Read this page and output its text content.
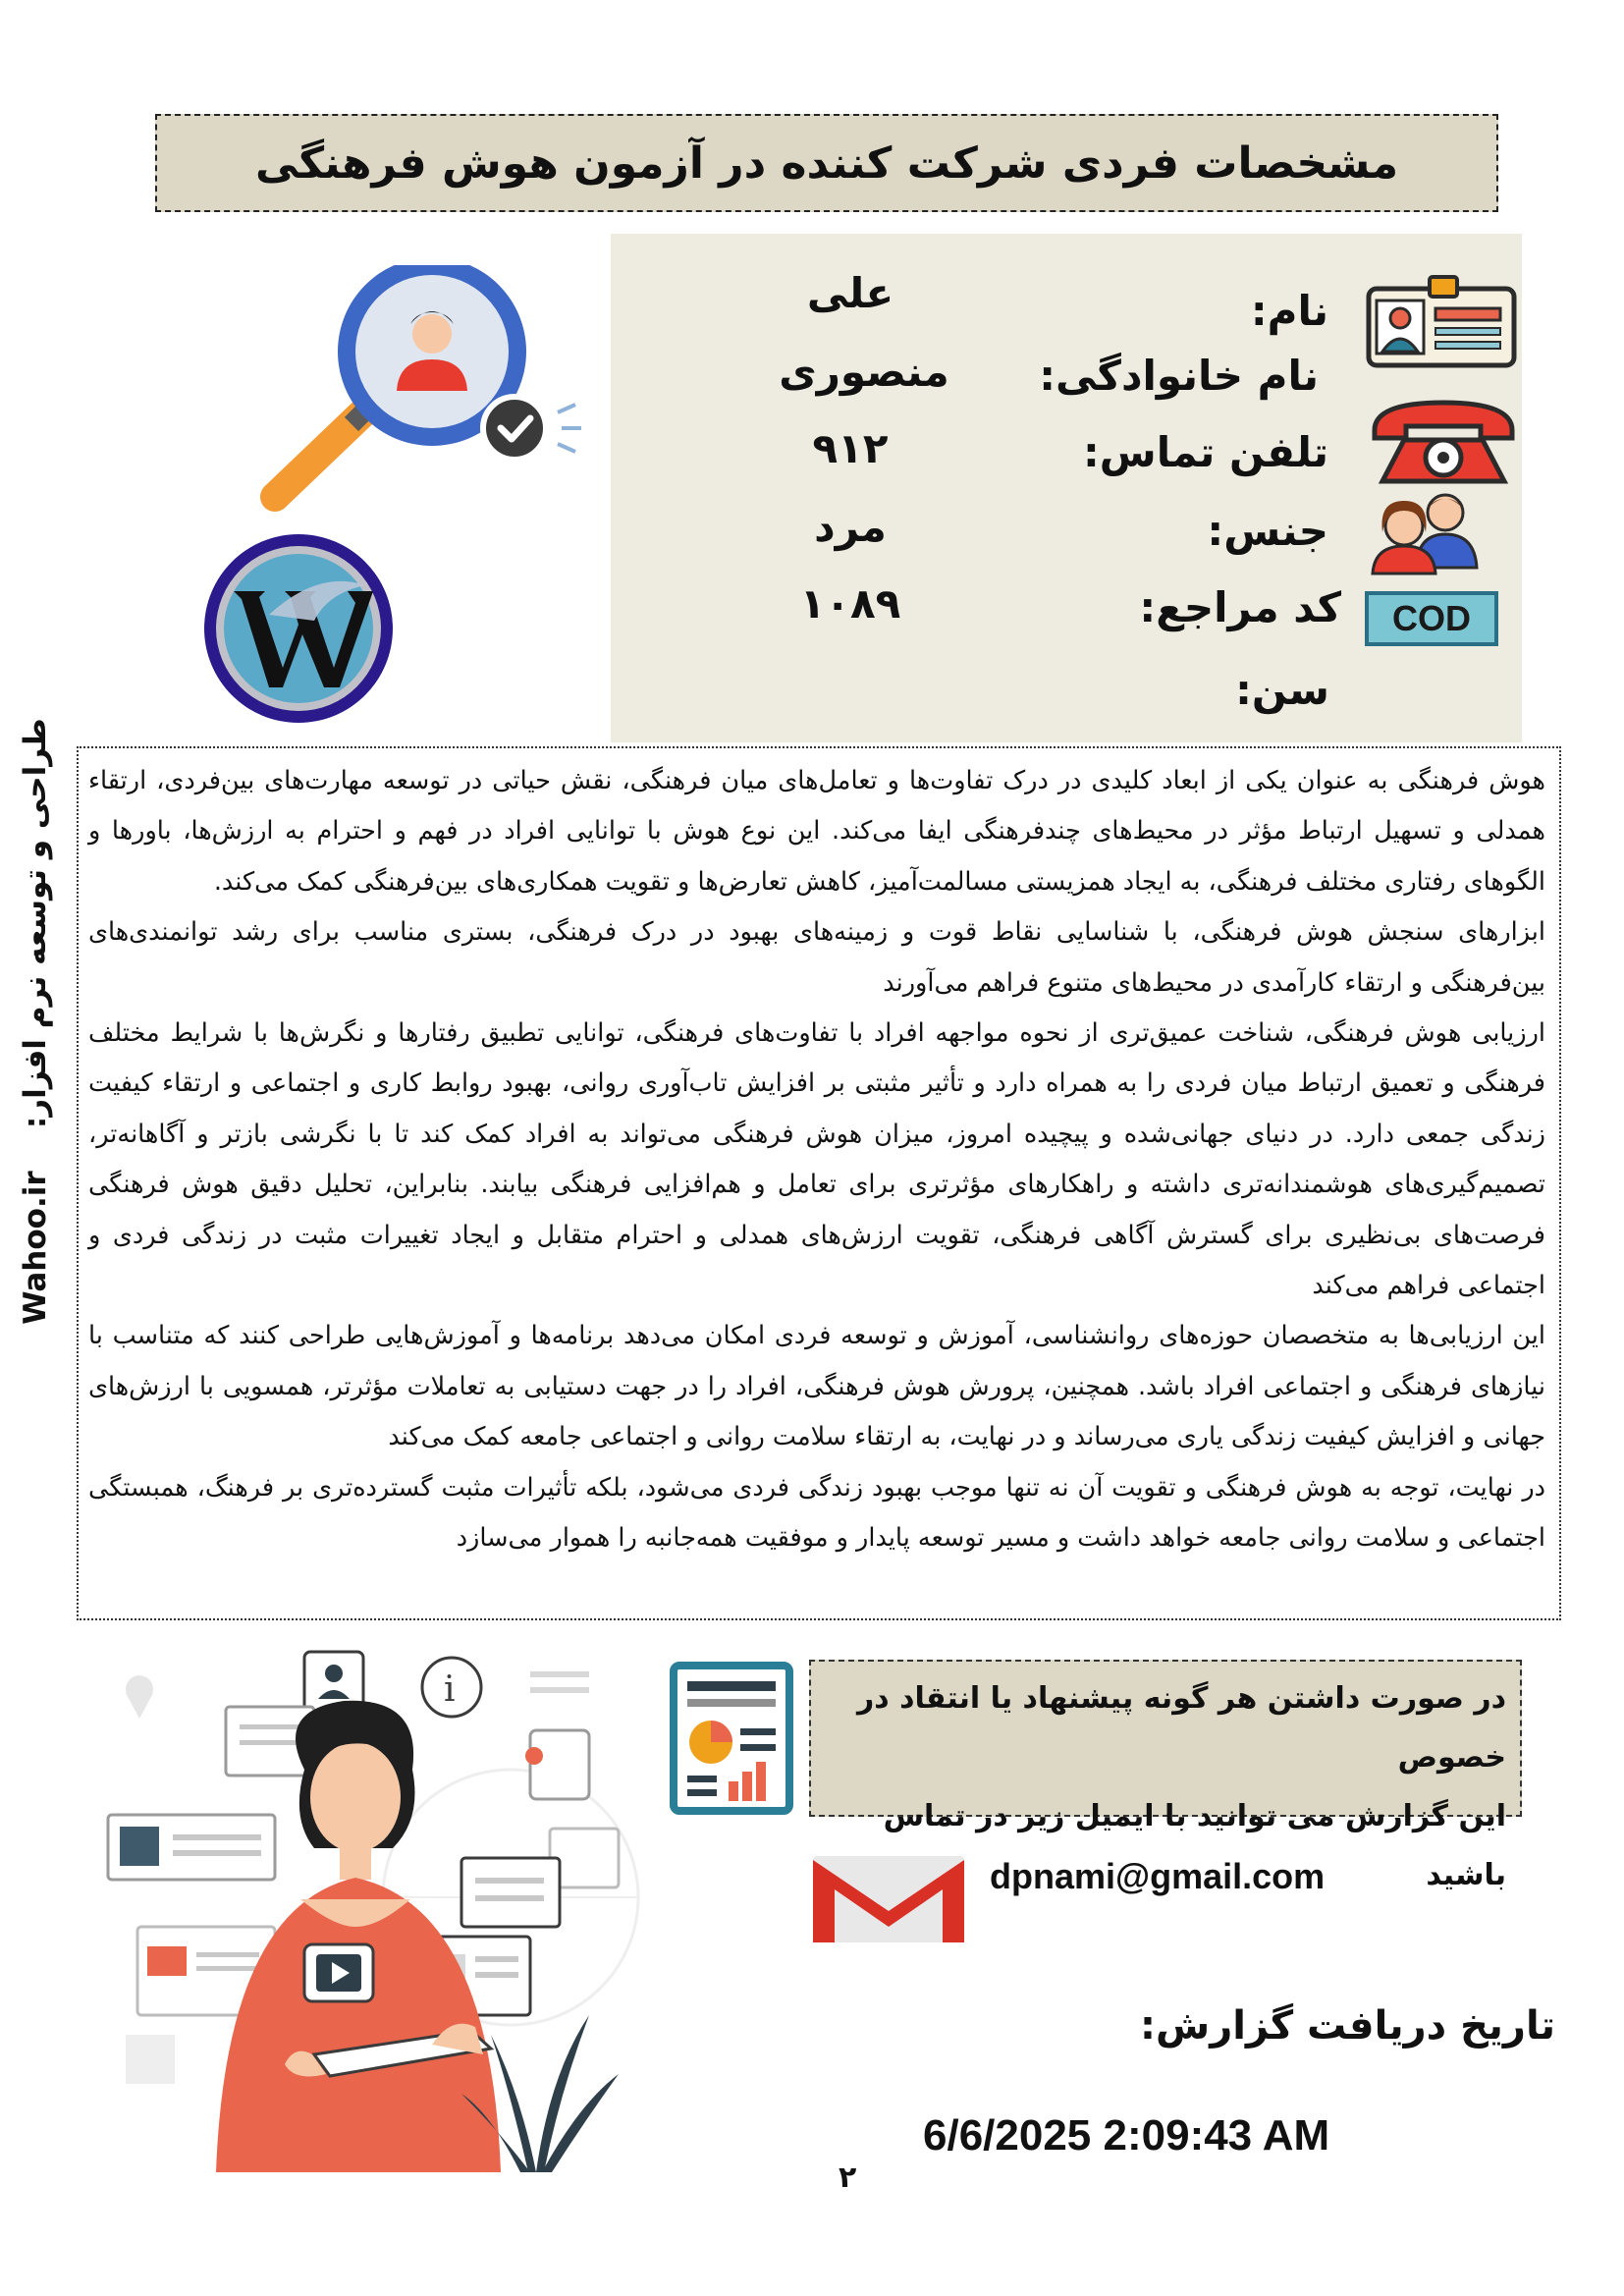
مشخصات فردی شرکت کننده در آزمون هوش فرهنگی
نام:
نام خانوادگی:
تلفن تماس:
جنس:
کد مراجع:
سن:
علی
منصوری
۹۱۲
مرد
۱۰۸۹	COD
Wahoo.ir    طراحی و توسعه نرم افزار: هوش فرهنگی به عنوان یکی از ابعاد کلیدی در درک تفاوت‌ها و تعامل‌های میان فرهنگی، نقش حیاتی در توسعه مهارت‌های بین‌فردی، ارتقاء همدلی و تسهیل ارتباط مؤثر در محیط‌های چندفرهنگی ایفا می‌کند. این نوع هوش با توانایی افراد در فهم و احترام به ارزش‌ها، باورها و الگوهای رفتاری مختلف فرهنگی، به ایجاد همزیستی مسالمت‌آمیز، کاهش تعارض‌ها و تقویت همکاری‌های بین‌فرهنگی کمک می‌کند.

ابزارهای سنجش هوش فرهنگی، با شناسایی نقاط قوت و زمینه‌های بهبود در درک فرهنگی، بستری مناسب برای رشد توانمندی‌های بین‌فرهنگی و ارتقاء کارآمدی در محیط‌های متنوع فراهم می‌آورند

ارزیابی هوش فرهنگی، شناخت عمیق‌تری از نحوه مواجهه افراد با تفاوت‌های فرهنگی، توانایی تطبیق رفتارها و نگرش‌ها با شرایط مختلف فرهنگی و تعمیق ارتباط میان فردی را به همراه دارد و تأثیر مثبتی بر افزایش تاب‌آوری روانی، بهبود روابط کاری و اجتماعی و ارتقاء کیفیت زندگی جمعی دارد. در دنیای جهانی‌شده و پیچیده امروز، میزان هوش فرهنگی می‌تواند به افراد کمک کند تا با نگرشی بازتر و آگاهانه‌تر، تصمیم‌گیری‌های هوشمندانه‌تری داشته و راهکارهای مؤثرتری برای تعامل و هم‌افزایی فرهنگی بیابند. بنابراین، تحلیل دقیق هوش فرهنگی فرصت‌های بی‌نظیری برای گسترش آگاهی فرهنگی، تقویت ارزش‌های همدلی و احترام متقابل و ایجاد تغییرات مثبت در زندگی فردی و اجتماعی فراهم می‌کند

این ارزیابی‌ها به متخصصان حوزه‌های روانشناسی، آموزش و توسعه فردی امکان می‌دهد برنامه‌ها و آموزش‌هایی طراحی کنند که متناسب با نیازهای فرهنگی و اجتماعی افراد باشد. همچنین، پرورش هوش فرهنگی، افراد را در جهت دستیابی به تعاملات مؤثرتر، همسویی با ارزش‌های جهانی و افزایش کیفیت زندگی یاری می‌رساند و در نهایت، به ارتقاء سلامت روانی و اجتماعی جامعه کمک می‌کند

در نهایت، توجه به هوش فرهنگی و تقویت آن نه تنها موجب بهبود زندگی فردی می‌شود، بلکه تأثیرات مثبت گسترده‌تری بر فرهنگ، همبستگی اجتماعی و سلامت روانی جامعه خواهد داشت و مسیر توسعه پایدار و موفقیت همه‌جانبه را هموار می‌سازد

i	در صورت داشتن هر گونه پیشنهاد یا انتقاد در خصوص
این گزارش می توانید با ایمیل زیر در تماس باشید
dpnami@gmail.com
تاریخ دریافت گزارش:
6/6/2025 2:09:43 AM
۲
